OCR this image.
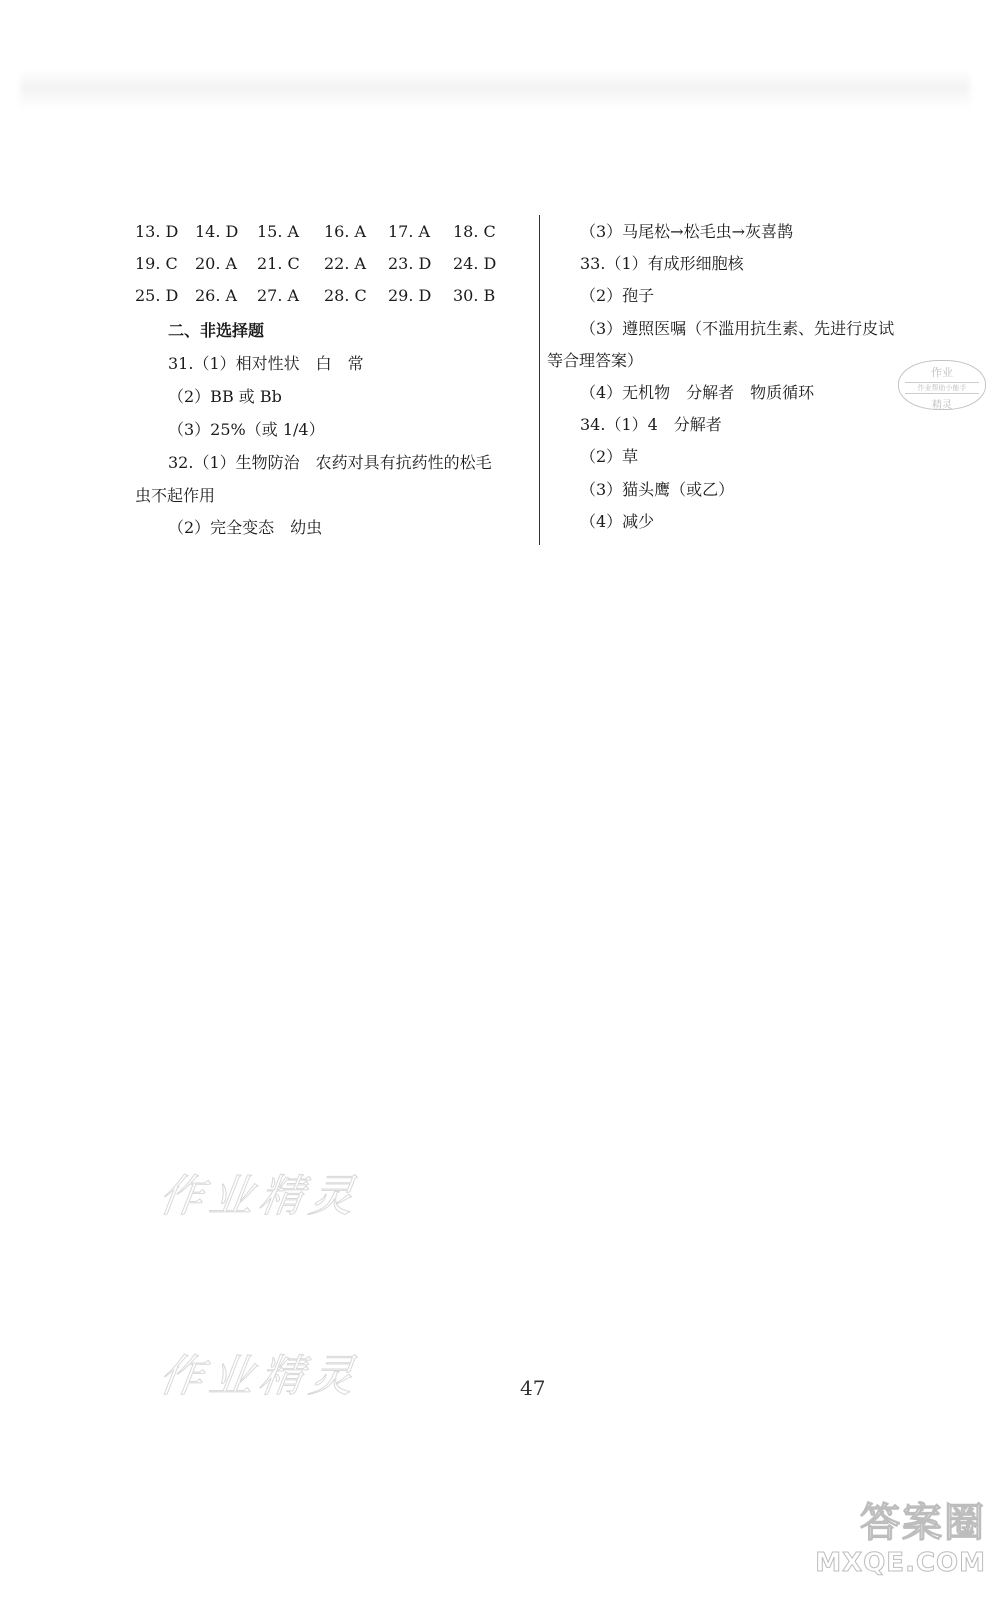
13. D 14. D 15. A 16. A 17. A 18. C
19. C 20. A 21. C 22. A 23. D 24. D
25. D 26. A 27. A 28. C 29. D 30. B
二、非选择题
31.（1）相对性状　白　常
（2）BB 或 Bb
（3）25%（或 1/4）
32.（1）生物防治　农药对具有抗药性的松毛
虫不起作用
（2）完全变态　幼虫
（3）马尾松→松毛虫→灰喜鹊
33.（1）有成形细胞核
（2）孢子
（3）遵照医嘱（不滥用抗生素、先进行皮试
等合理答案）
（4）无机物　分解者　物质循环
34.（1）4　分解者
（2）草
（3）猫头鹰（或乙）
（4）减少
作业
作业帮助小能手
精灵
作业精灵
作业精灵	47
答案圈
MXQE.COM
